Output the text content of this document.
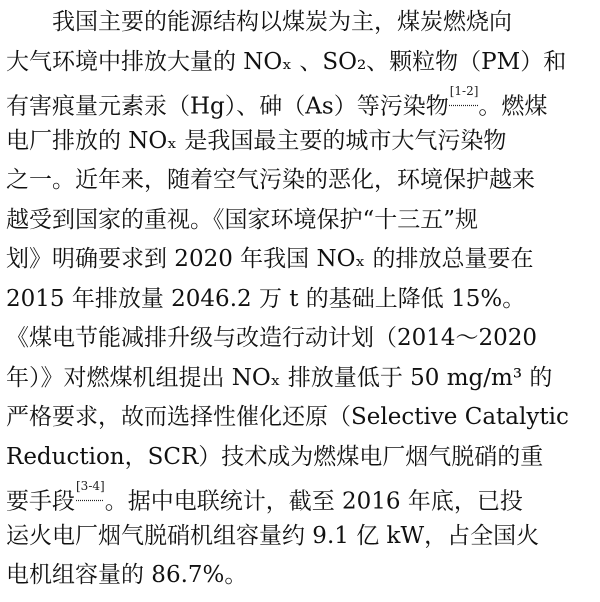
我国主要的能源结构以煤炭为主，煤炭燃烧向
大气环境中排放大量的 NOₓ 、SO₂、颗粒物（PM）和
有害痕量元素汞（Hg）、砷（As）等污染物[1-2]。燃煤
电厂排放的 NOₓ 是我国最主要的城市大气污染物
之一。近年来，随着空气污染的恶化，环境保护越来
越受到国家的重视。《国家环境保护“十三五”规
划》明确要求到 2020 年我国 NOₓ 的排放总量要在
2015 年排放量 2046.2 万 t 的基础上降低 15%。
《煤电节能减排升级与改造行动计划（2014～2020
年）》对燃煤机组提出 NOₓ 排放量低于 50 mg/m³ 的
严格要求，故而选择性催化还原（Selective Catalytic
Reduction，SCR）技术成为燃煤电厂烟气脱硝的重
要手段[3-4]。据中电联统计，截至 2016 年底，已投
运火电厂烟气脱硝机组容量约 9.1 亿 kW，占全国火
电机组容量的 86.7%。
